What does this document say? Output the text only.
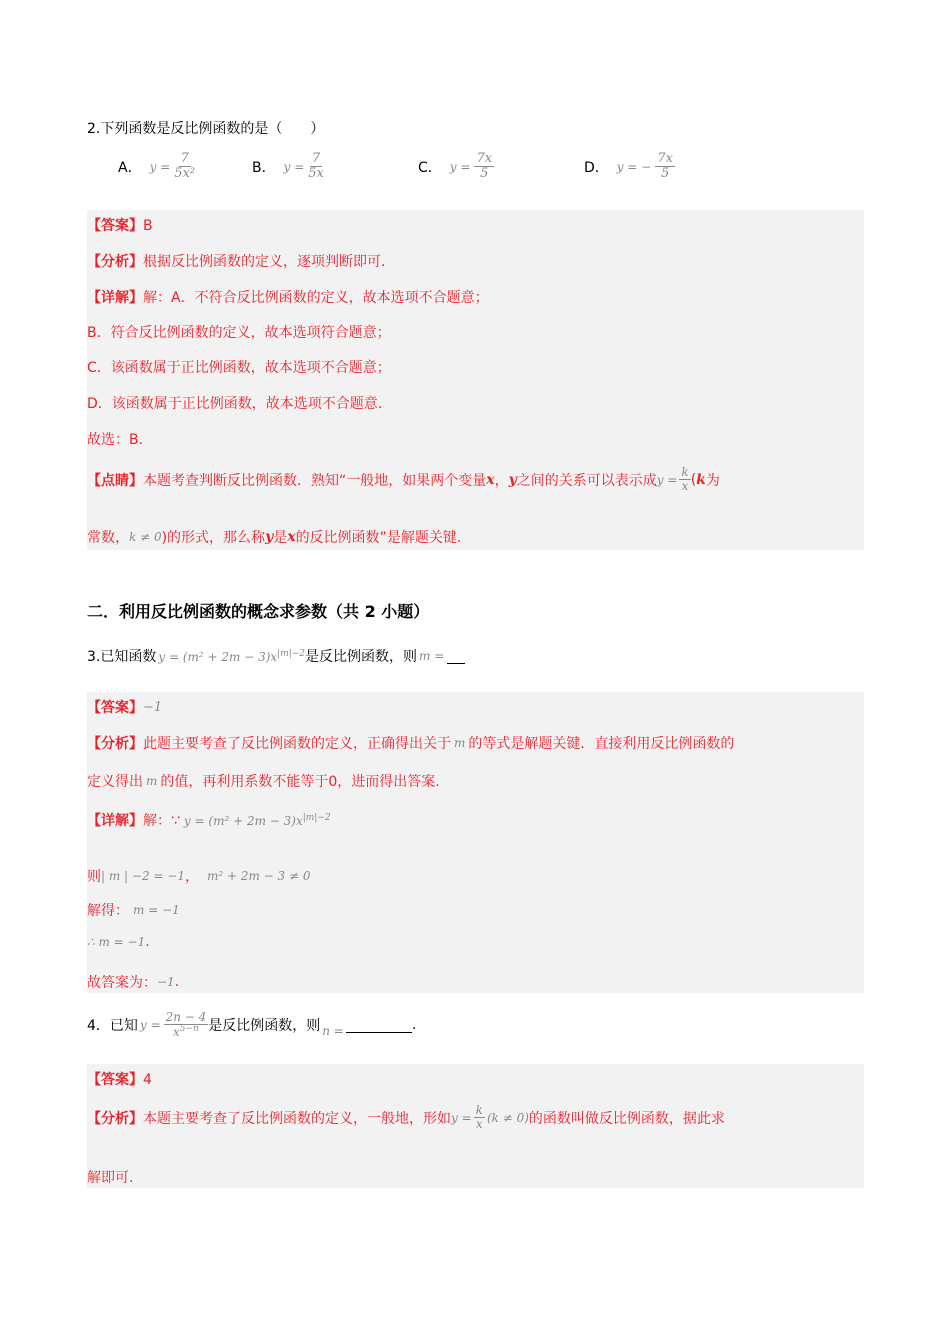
2.下列函数是反比例函数的是（　　）
A． $y = \frac{7}{\text{5x²}}$	B． $y = \frac{7}{5x}$	C． $y = \frac{7x}{5}$	D． y = − $\frac{7x}{5}$
【答案】B
【分析】根据反比例函数的定义，逐项判断即可.
【详解】解：A．不符合反比例函数的定义，故本选项不合题意；
B．符合反比例函数的定义，故本选项符合题意；
C．该函数属于正比例函数，故本选项不合题意；
D．该函数属于正比例函数，故本选项不合题意.
故选：B.
【点睛】 本题考查判断反比例函数．熟知“一般地，如果两个变量 x ， y 之间的关系可以表示成 $y = \frac{k}{x}$ ( k 为
常数， k ≠ 0 )的形式，那么称 y 是 x 的反比例函数”是解题关键.
二．利用反比例函数的概念求参数（共 2 小题）
3.已知函数 $y = (m^2 + 2m - 3)x^{|m|-2}$ 是反比例函数，则 m =
【答案】 −1
【分析】 此题主要考查了反比例函数的定义，正确得出关于 m 的等式是解题关键．直接利用反比例函数的
定义得出 m 的值，再利用系数不能等于0，进而得出答案.
【详解】 解：∵ $y = (m^2 + 2m - 3)x^{|m|-2}$
则 | m | −2 = −1 ， m² + 2m − 3 ≠ 0
解得： m = −1
∴ m = −1 .
故答案为： −1 .
4．已知 $y = \frac{2n - 4}{x^{5-n}}$ 是反比例函数，则 n =	.
【答案】4
【分析】 本题主要考查了反比例函数的定义，一般地，形如 $y = \frac{k}{x} (k \ne 0)$ 的函数叫做反比例函数，据此求
解即可.
